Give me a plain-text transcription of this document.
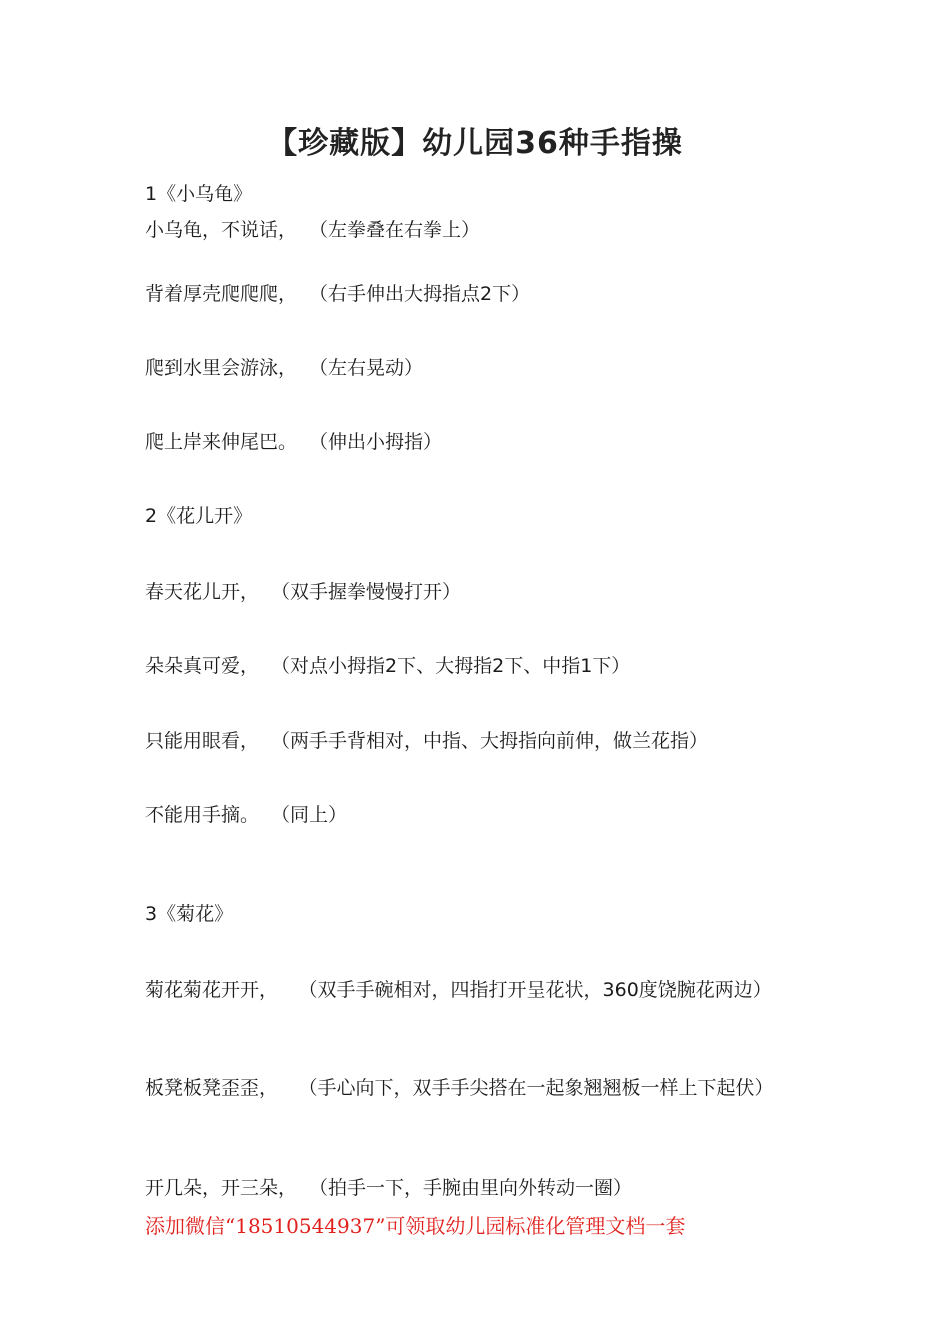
【珍藏版】幼儿园36种手指操

1《小乌龟》

小乌龟，不说话， （左拳叠在右拳上）

背着厚壳爬爬爬， （右手伸出大拇指点2下）

爬到水里会游泳， （左右晃动）

爬上岸来伸尾巴。 （伸出小拇指）

2《花儿开》

春天花儿开， （双手握拳慢慢打开）

朵朵真可爱， （对点小拇指2下、大拇指2下、中指1下）

只能用眼看， （两手手背相对，中指、大拇指向前伸，做兰花指）

不能用手摘。 （同上）

3《菊花》

菊花菊花开开， （双手手碗相对，四指打开呈花状，360度饶腕花两边）

板凳板凳歪歪， （手心向下，双手手尖搭在一起象翘翘板一样上下起伏）

开几朵，开三朵， （拍手一下，手腕由里向外转动一圈）

添加微信“18510544937”可领取幼儿园标准化管理文档一套
